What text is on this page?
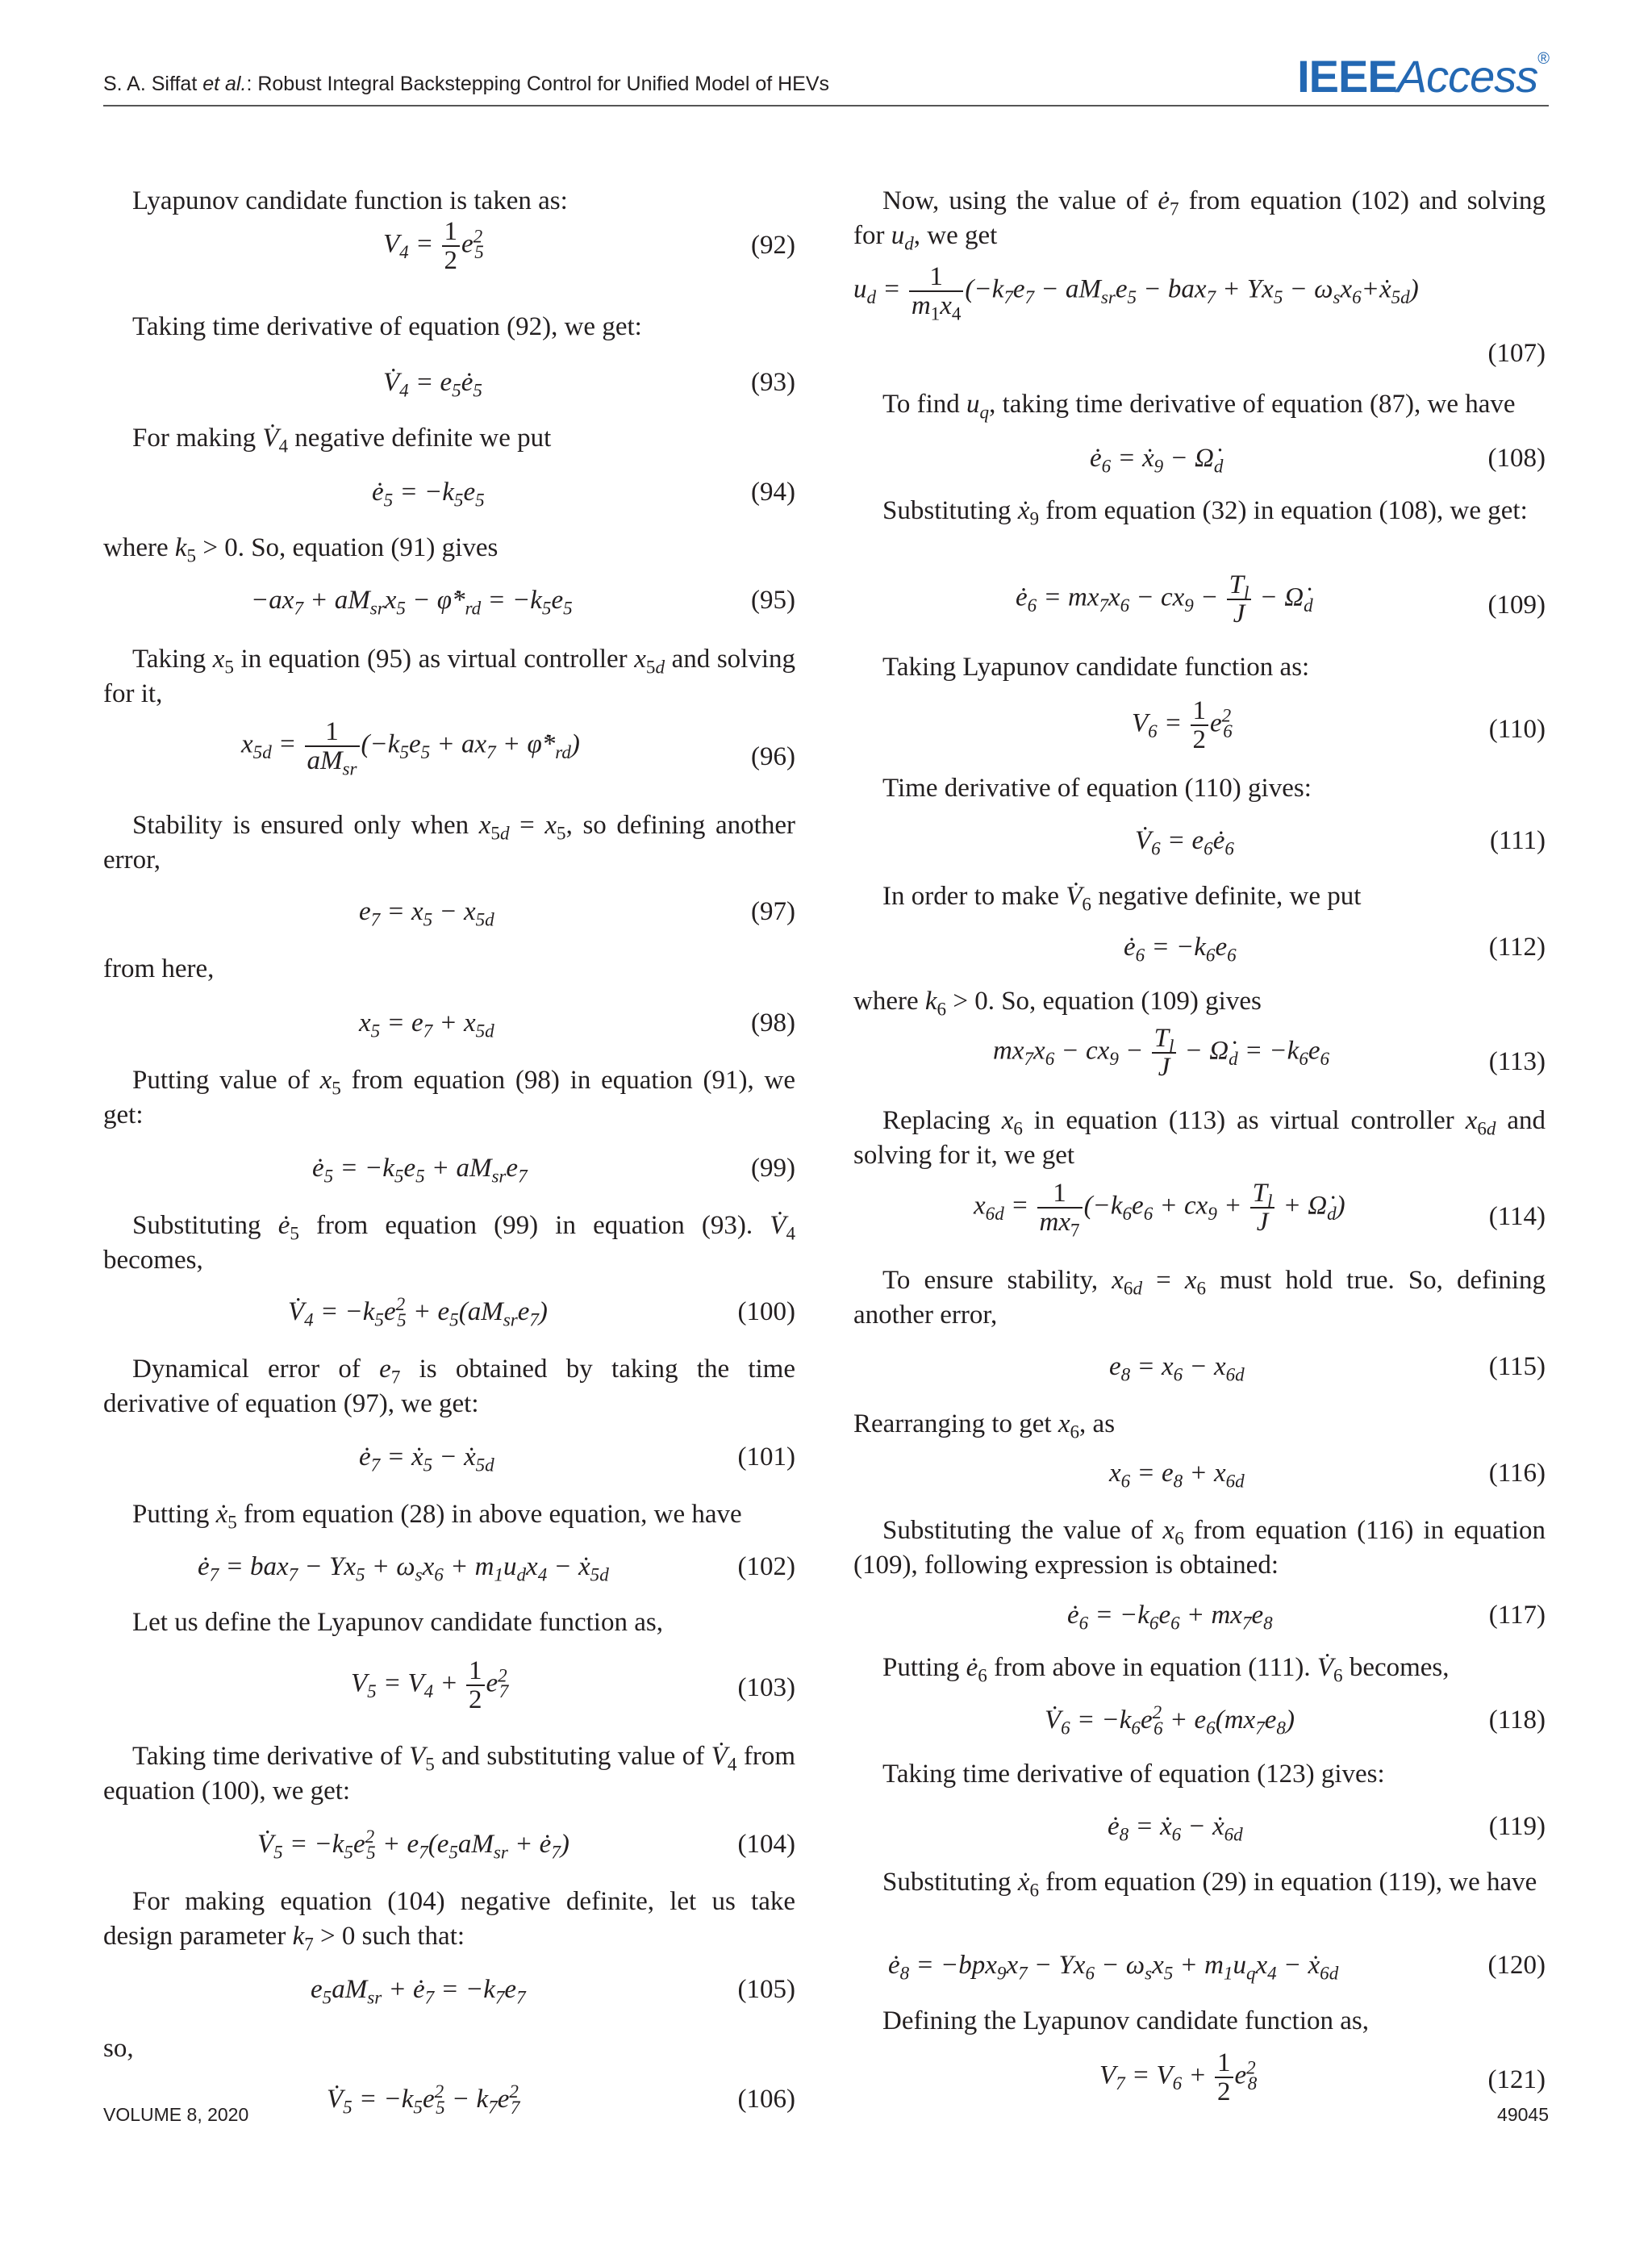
S. A. Siffat et al.: Robust Integral Backstepping Control for Unified Model of HEVs	IEEEAccess®
Lyapunov candidate function is taken as:
$V_4 = \frac{1}{2} e^2_5$	(92)
Taking time derivative of equation (92), we get:
$V̇_4$ = $e_5ė_5$	(93)
For making $V̇_4$ negative definite we put
$ė_5 = -k_5e_5$	(94)
where $k_5 > 0$. So, equation (91) gives
$-ax_7 + aM_{sr}x_5$ − $\varphi̇*_{rd} = -k_5e_5$	(95)
Taking $x_5$ in equation (95) as virtual controller $x_{5d}$ and solving for it,
$x_{5d} = \frac{1}{aM_{sr}} (-k_5e_5 + ax_7$ + $\varphi̇*_{rd}$)	(96)
Stability is ensured only when $x_{5d} = x_5$, so defining another error,
$e_7 = x_5 - x_{5d}$	(97)
from here,
$x_5 = e_7 + x_{5d}$	(98)
Putting value of $x_5$ from equation (98) in equation (91), we get:
$ė_5 = -k_5e_5 + aM_{sr}e_7$	(99)
Substituting $ė_5$ from equation (99) in equation (93). $V̇_4$ becomes,
$V̇_4 = -k_5e^2_5 + e_5(aM_{sr}e_7)$	(100)
Dynamical error of $e_7$ is obtained by taking the time derivative of equation (97), we get:
$ė_7$ = ẋ$_5$ − ẋ$_{5d}$	(101)
Putting ẋ$_5$ from equation (28) in above equation, we have
$ė_7 = bax_7 - \Upsilon x_5 + \omega_sx_6 + m_1u_dx_4$ − ẋ$_{5d}$	(102)
Let us define the Lyapunov candidate function as,
$V_5 = V_4 + \frac{1}{2} e^2_7$	(103)
Taking time derivative of $V_5$ and substituting value of $V̇_4$ from equation (100), we get:
$V̇_5 = -k_5e^2_5 + e_7(e_5aM_{sr}$ + $ė_7$)	(104)
For making equation (104) negative definite, let us take design parameter $k_7 > 0$ such that:
$e_5aM_{sr}$ + $ė_7 = -k_7e_7$	(105)
so,
$V̇_5 = -k_5e^2_5 - k_7e^2_7$	(106)
Now, using the value of $ė_7$ from equation (102) and solving for $u_d$, we get
$u_d = \frac{1}{m_1x_4} (-k_7e_7 - aM_{sr}e_5 - bax_7 + \Upsilon x_5$ − $\omega_sx_6+ẋ_{5d}$)
(107)
To find $u_q$, taking time derivative of equation (87), we have
$ė_6$ = ẋ$_9$ − $\Omegȧ_d$	(108)
Substituting ẋ$_9$ from equation (32) in equation (108), we get:
$ė_6 = mx_7x_6 - cx_9 - \frac{T_l}{J}$ − $\Omegȧ_d$	(109)
Taking Lyapunov candidate function as:
$V_6 = \frac{1}{2} e^2_6$	(110)
Time derivative of equation (110) gives:
$V̇_6$ = $e_6ė_6$	(111)
In order to make $V̇_6$ negative definite, we put
$ė_6 = -k_6e_6$	(112)
where $k_6 > 0$. So, equation (109) gives
$mx_7x_6 - cx_9 - \frac{T_l}{J}$ − $\Omegȧ_d = -k_6e_6$	(113)
Replacing $x_6$ in equation (113) as virtual controller $x_{6d}$ and solving for it, we get
$x_{6d} = \frac{1}{mx_7} (-k_6e_6 + cx_9 + \frac{T_l}{J}$ + $\Omegȧ_d$)	(114)
To ensure stability, $x_{6d} = x_6$ must hold true. So, defining another error,
$e_8 = x_6 - x_{6d}$	(115)
Rearranging to get $x_6$, as
$x_6 = e_8 + x_{6d}$	(116)
Substituting the value of $x_6$ from equation (116) in equation (109), following expression is obtained:
$ė_6 = -k_6e_6 + mx_7e_8$	(117)
Putting $ė_6$ from above in equation (111). $V̇_6$ becomes,
$V̇_6 = -k_6e^2_6 + e_6(mx_7e_8)$	(118)
Taking time derivative of equation (123) gives:
$ė_8$ = ẋ$_6$ − ẋ$_{6d}$	(119)
Substituting ẋ$_6$ from equation (29) in equation (119), we have
$ė_8 = -bpx_9x_7 - \Upsilon x_6 - \omega_sx_5 + m_1u_qx_4$ − ẋ$_{6d}$	(120)
Defining the Lyapunov candidate function as,
$V_7 = V_6 + \frac{1}{2} e^2_8$	(121)
VOLUME 8, 2020	49045
